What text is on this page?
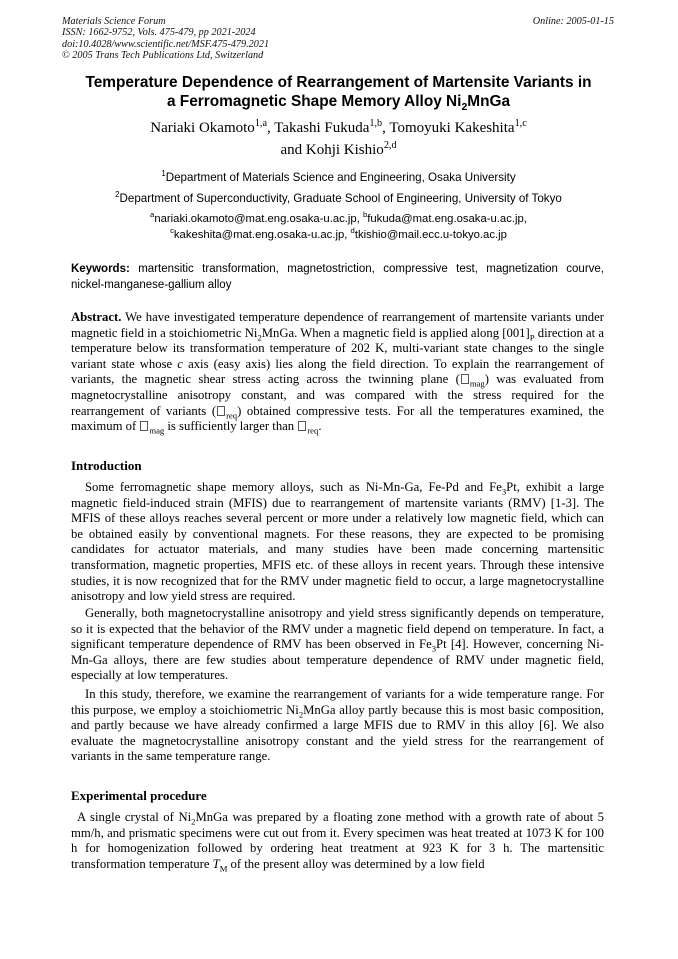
Materials Science Forum
ISSN: 1662-9752, Vols. 475-479, pp 2021-2024
doi:10.4028/www.scientific.net/MSF.475-479.2021
© 2005 Trans Tech Publications Ltd, Switzerland
Online: 2005-01-15
Temperature Dependence of Rearrangement of Martensite Variants in
a Ferromagnetic Shape Memory Alloy $Ni_2MnGa$
Nariaki Okamoto$^{1,a}$, Takashi Fukuda$^{1,b}$, Tomoyuki Kakeshita$^{1,c}$
and Kohji Kishio$^{2,d}$
$^1$Department of Materials Science and Engineering, Osaka University
$^2$Department of Superconductivity, Graduate School of Engineering, University of Tokyo
$^a$nariaki.okamoto@mat.eng.osaka-u.ac.jp, $^b$fukuda@mat.eng.osaka-u.ac.jp,
$^c$kakeshita@mat.eng.osaka-u.ac.jp, $^d$tkishio@mail.ecc.u-tokyo.ac.jp
Keywords: martensitic transformation, magnetostriction, compressive test, magnetization courve, nickel-manganese-gallium alloy
Abstract. We have investigated temperature dependence of rearrangement of martensite variants under magnetic field in a stoichiometric $Ni_2MnGa$. When a magnetic field is applied along $[001]_P$ direction at a temperature below its transformation temperature of 202 K, multi-variant state changes to the single variant state whose c axis (easy axis) lies along the field direction. To explain the rearrangement of variants, the magnetic shear stress acting across the twinning plane ( $_{mag}$) was evaluated from magnetocrystalline anisotropy constant, and was compared with the stress required for the rearrangement of variants ( $_{req}$) obtained compressive tests. For all the temperatures examined, the maximum of $_{mag}$ is sufficiently larger than $_{req}$.
Introduction

Some ferromagnetic shape memory alloys, such as Ni-Mn-Ga, Fe-Pd and $Fe_3Pt$, exhibit a large magnetic field-induced strain (MFIS) due to rearrangement of martensite variants (RMV) [1-3]. The MFIS of these alloys reaches several percent or more under a relatively low magnetic field, which can be obtained easily by conventional magnets. For these reasons, they are expected to be promising candidates for actuator materials, and many studies have been made concerning martensitic transformation, magnetic properties, MFIS etc. of these alloys in recent years. Through these intensive studies, it is now recognized that for the RMV under magnetic field to occur, a large magnetocrystalline anisotropy and low yield stress are required.

Generally, both magnetocrystalline anisotropy and yield stress significantly depends on temperature, so it is expected that the behavior of the RMV under a magnetic field depend on temperature. In fact, a significant temperature dependence of RMV has been observed in $Fe_3Pt$ [4]. However, concerning Ni-Mn-Ga alloys, there are few studies about temperature dependence of RMV under magnetic field, especially at low temperatures.

In this study, therefore, we examine the rearrangement of variants for a wide temperature range. For this purpose, we employ a stoichiometric $Ni_2MnGa$ alloy partly because this is most basic composition, and partly because we have already confirmed a large MFIS due to RMV in this alloy [6]. We also evaluate the magnetocrystalline anisotropy constant and the yield stress for the rearrangement of variants in the same temperature range.

Experimental procedure

A single crystal of $Ni_2MnGa$ was prepared by a floating zone method with a growth rate of about 5 mm/h, and prismatic specimens were cut out from it. Every specimen was heat treated at 1073 K for 100 h for homogenization followed by ordering heat treatment at 923 K for 3 h. The martensitic transformation temperature $T_M$ of the present alloy was determined by a low field
